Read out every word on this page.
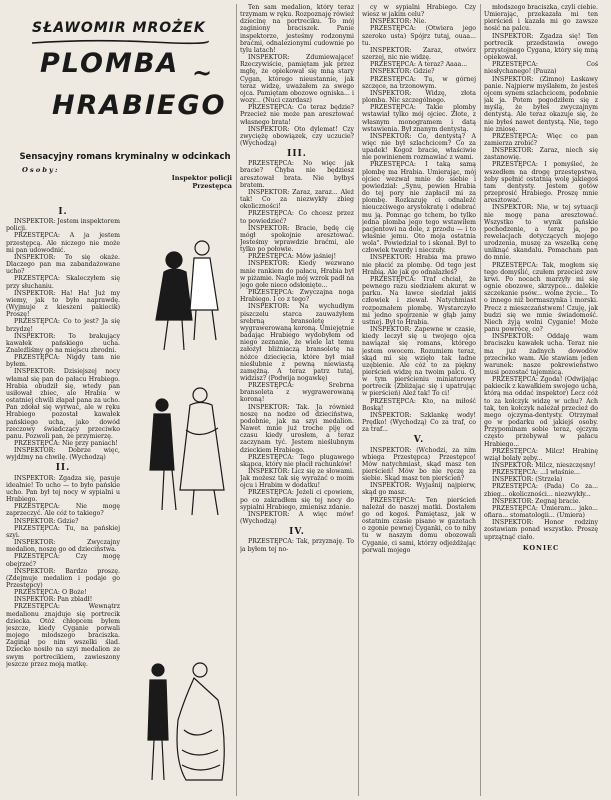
SŁAWOMIR MROŻEK
PLOMBA ~
HRABIEGO
Sensacyjny romans kryminalny w odcinkach
Osoby:
Inspektor policji
Przestępca

I.

INSPEKTOR: Jestem inspektorem policji.

PRZESTĘPCA: A ja jestem przestępcą. Ale niczego nie może mi pan udowodnić.

INSPEKTOR: To się okaże. Dlaczego pan ma zabandażowane ucho?

PRZESTĘPCA: Skaleczyłem się przy słuchaniu.

INSPEKTOR: Ha! Ha! Już my wiemy, jak to było naprawdę. (Wyjmuje z kieszeni pakiecik) Proszę!

PRZESTĘPCA: Co to jest? Ja się brzydzę!

INSPEKTOR: To brakujący kawałek pańskiego ucha. Znaleźliśmy go na miejscu zbrodni.

PRZESTĘPCA: Nigdy tam nie byłem.

INSPEKTOR: Dzisiejszej nocy włamał się pan do pałacu Hrabiego. Hrabia obudził się, wtedy pan usiłował zbiec, ale Hrabia w ostatniej chwili złapał pana za ucho. Pan zdołał się wyrwać, ale w ręku Hrabiego pozostał kawałek pańskiego ucha, jako dowód rzeczowy świadczący przeciwko panu. Pozwoli pan, że przymierzę.

PRZESTĘPCA: Nie przy paniach!

INSPEKTOR: Dobrze więc, wyjdźmy na chwilę. (Wychodzą)

II.

INSPEKTOR: Zgadza się, pasuje idealnie! To ucho — to było pańskie ucho. Pan był tej nocy w sypialni u Hrabiego.

PRZESTĘPCA: Nie mogę zaprzeczyć. Ale cóż to takiego?

INSPEKTOR: Gdzie?

PRZESTĘPCA: Tu, na pańskiej szyi.

INSPEKTOR: Zwyczajny medalion, noszę go od dzieciństwa.

PRZESTĘPCA: Czy mogę obejrzeć?

INSPEKTOR: Bardzo proszę. (Zdejmuje medalion i podaje go Przestępcy)

PRZESTĘPCA: O Boże!

INSPEKTOR: Pan zbladł!

PRZESTĘPCA: Wewnątrz medalionu znajduje się portrecik dziecka. Otóż chłopcem byłem jeszcze, kiedy Cyganie porwali mojego młodszego braciszka. Zaginął po nim wszelki ślad. Dziecko nosiło na szyi medalion ze swym portrecikiem, zawieszony jeszcze przez moją matkę.

Ten sam medalion, który teraz trzymam w ręku. Rozpoznaję rówież dziecinę na portreciku. To mój zaginiony braciszek. Panie inspektorze, jesteśmy rodzonymi braćmi, odnalezionymi cudownie po tylu latach!

INSPEKTOR: Zdumiewające! Rzeczywiście, pamiętam jak przez mgłę, że opiekował się mną stary Cygan, którego nieustannie, jak teraz widzę, uważałem za swego ojca. Pamiętam obozowe ogniska... i wozy... (Nuci czardasz)

PRZESTĘPCA: Co teraz będzie? Przecież nie może pan aresztować własnego brata!

INSPEKTOR: Oto dylemat! Czy zwyciężę obowiązek, czy uczucie? (Wychodzą)

III.

PRZESTĘPCA: No więc jak bracie? Chyba nie będziesz aresztował brata. Nie byłbyś bratem.

INSPEKTOR: Zaraz, zaraz... Ależ tak! Co za niezwykły zbieg okoliczności!

PRZESTĘPCA: Co chcesz przez to powiedzieć?

INSPEKTOR: Bracie, będę cię mógł spokojnie aresztować. Jesteśmy wprawdzie braćmi, ale tylko po połowie.

PRZESTĘPCA: Mów jaśniej!

INSPEKTOR: Kiedy wezwano mnie rankiem do pałacu, Hrabia był w piżamie. Nagle mój wzrok padł na jego gołe nieco odsłonięte...

PRZESTĘPCA: Zwyczajna noga Hrabiego. I co z tego?

INSPEKTOR: Na wychudłym piszczelu starca zauważyłem srebrną bransoletę z wygrawerowaną koroną. Umiejętnie badając Hrabiego wydobyłem od niego zeznanie, że wiele lat temu założył bliźniaczą bransoletę na nóżce dziecięcia, które był miał nieślubnie z pewną niewiastą zamężną. A teraz patrz tutaj, widzisz? (Podwija nogawkę)

PRZESTĘPCA: Srebrna bransoleta z wygrawerowaną koroną!

INSPEKTOR: Tak. Ja również noszę na nodze od dzieciństwa, podobnie, jak na szyi medalion. Nawet mnie już troche piję od czasu kiedy urosłem, a teraz zaczynam tyć. Jestem nieślubnym dzieckiem Hrabiego.

PRZESTĘPCA: Tego plugawego skąpca, który nie płacił rachunków!

INSPEKTOR: Licz się ze słowami. Jak możesz tak się wyrażać o moim ojcu i Hrabim w dodatku!

PRZESTĘPCA: Jeżeli ci cpowiem, po co zakradłem się tej nocy do sypialni Hrabiego, zmienisz zdanie.

INSPEKTOR: A więc mów! (Wychodzą)

IV.

PRZESTĘPCA: Tak, przyznaję. To ja byłem tej no-

cy w sypialni Hrabiego. Czy wiesz w jakim celu?

INSPEKTOR: Nie.

PRZESTĘPCA: (Otwiera jego szeroko usta) Spójrz tutaj, ouaa... tu.

INSPEKTOR: Zaraz, otwórz szerzej, nic nie widzę.

PRZESTĘPCA: A teraz? Aaaa...

INSPEKTOR: Gdzie?

PRZESTĘPCA: Tu, w górnej szczęce, na trzonowym.

INSPEKTOR: Widzę, złota plomba. Nic szczególnego.

PRZESTĘPCA: Takie plomby wstawiał tylko mój ojciec. Złote, z własnym monogramem i datą wstawienia. Był znanym dentystą.

INSPEKTOR: Co, dentystą? A więc nie był szlachcicem? Co za upadek! Kogoż bracie, właściwie nie powinienem rozmawiać z wami.

PRZESTĘPCA: I taką samą plombę ma Hrabia. Umierając, mój ojciec wezwał mnie do siebie i powiedział: „Synu, pewien Hrabia do tej pory nie zapłacił mi za plombę. Rozkazuję ci odnaleźć nieuczciwego arystokratę i odebrać mu ją. Pomnąc go tchem, bo tylko jedna plomba jego tego wstawiłem pacjentowi na dole, z przodu — i to właśnie jemu. Oto moja ostatnia wola". Powiedział to i skonał. Był to człowiek twardy i nieczuły.

INSPEKTOR: Hrabia ma prawo nie płacić za plombę. Od tego jest Hrabią. Ale jak go odnalazłeś?

PRZESTĘPCA: Traf chciał, że pewnego razu siedziałem akurat w parku. Na ławce siedział jakiś człowiek i ziewał. Natychmiast rozpoznałem plombę. Wystarczyło mi jedno spojrzenie w głąb jamy ustnej. Był to Hrabia.

INSPEKTOR: Zapewne w czasie, kiedy leczył się u twojego ojca nawiązał się romans, którego jestem owocem. Rozumiem teraz, skąd mi się wzięło tak ładne uzębienie. Ale cóż to za piękny pierścień widzę na twoim palcu. O, w tym pierścieniu miniaturowy portrecik (Zbliżając się i upatrując w pierścień) Ależ tak! To ci!

PRZESTĘPCA: Kto, na miłość Boską!

INSPEKTOR: Szklankę wody! Prędko! (Wychodzą) Co za traf, co za traf...

V.

INSPEKTOR: (Wchodzi, za nim wbiega Przestępca) Przestępco! Mów natychmiast, skąd masz ten pierścień! Mów bo nie ręczę za siebie. Skąd masz ten pierścień?

INSPEKTOR: Wyjaśnij najpierw, skąd go masz.

PRZESTĘPCA: Ten pierścień należał do naszej matki. Dostałem go od kogoś. Pamiętasz, jak w ostatnim czasie pisano w gazetach o zgonie pewnej Cyganki, co to niby tu w naszym domu obozowali Cyganie, ci sami, którzy odjeżdżając porwali mojego

młodszego braciszka, czyli ciebie. Umierając, przekazała mi ten pierścień i kazała mi go zawsze nosić na palcu.

INSPEKTOR: Zgadza się! Ten portrecik przedstawia owego przystojnego Cygana, który się mną opiekował.

PRZESTĘPCA: Coś niesłychanego! (Pauza)

INSPEKTOR: (Zimno) Łaskawy panie. Najpierw myślałem, że jesteś ojcem synem szlachcicem, podobnie jak ja. Potem pogodziłem się z myślą, że byłeś zwyczajnym dentystą. Ale teraz okazuje się, że nie byłeś nawet dentystą. Nie, tego nie zniosę.

PRZESTĘPCA: Więc co pan zamierza zrobić?

INSPEKTOR: Zaraz, niech się zastanowię.

PRZESTĘPCA: I pomyśleć, że wszedłem na drogę przestępstwa, żeby spełnić ostatnią wolę jakiegoś tam dentysty. Jestem gotów przeprosić Hrabiego. Proszę mnie aresztować.

INSPEKTOR: Nie, w tej sytuacji nie mogę pana aresztować. Wszystko to wynik pańskie pochodzenie, a teraz ja, po rewelacjach dotyczących mojego urodzenia, muszę za wszelką cenę uniknąć skandalu. Pomacham pan do mnie.

PRZESTĘPCA: Tak, mogłem się tego domyślić, czułem przecież zew krwi. Po nocach marzyły mi się ognie obozowe, skrzypce... dalekie szczekanie psów... wolne życie... To o innego niż bormaszynka i morski. Precz z mieszczaństwem! Czuję, jak budzi się we mnie świadomość. Niech żyją wolni Cyganie! Może panu powrócę, co?

INSPEKTOR: Oddaję wam braciszku kawałek ucha. Teraz nie ma już żadnych dowodów przeciwko wam. Ale stawiam jeden warunek: nasze pokrewieństwo musi pozostać tajemnicą.

PRZESTĘPCA: Zgoda! (Odwijając pakiecik z kawałkiem swojego ucha, którą ma oddać inspektor) Lecz cóż to za kołczyk widzę w uchu? Ach tak, ten kołczyk należał przecież do mego ojczyma-dentysty. Otrzymał go w podarku od jakiejś osoby. Przypominam sobie teraz, ojczym często przebywał w pałacu Hrabiego...

PRZESTĘPCA: Milcz! Hrabinę wziął bolały zęby...

INSPEKTOR: Milcz, nieszczęsny!

PRZESTĘPCA: ...I właśnie...

INSPEKTOR: (Strzela)

PRZESTĘPCA: (Pada) Co za... zbieg... okoliczności... niezwykły...

INSPEKTOR: Zegnaj bracie.

PRZESTĘPCA: Umieram... jako... ofiara... stomatologii... (Umiera)

INSPEKTOR: Honor rodziny zostawiam ponad wszystko. Proszę uprzątnąć ciało.

KONIEC
